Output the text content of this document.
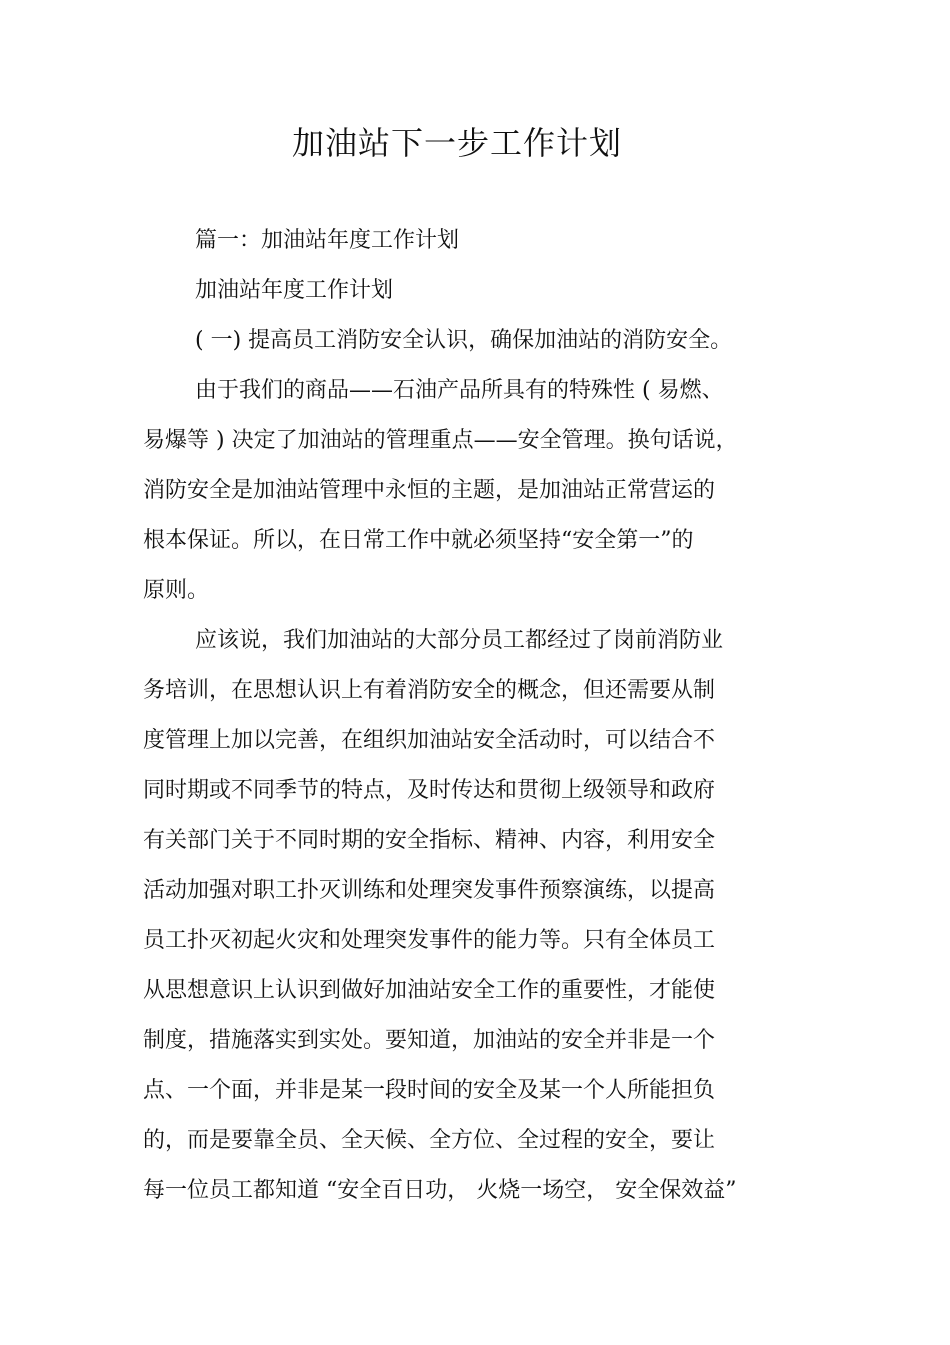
加油站下一步工作计划
篇一：加油站年度工作计划
加油站年度工作计划
( 一) 提高员工消防安全认识，确保加油站的消防安全。
由于我们的商品——石油产品所具有的特殊性 ( 易燃、
易爆等 ) 决定了加油站的管理重点——安全管理。换句话说，
消防安全是加油站管理中永恒的主题，是加油站正常营运的
根本保证。所以，在日常工作中就必须坚持“安全第一”的
原则。
应该说，我们加油站的大部分员工都经过了岗前消防业
务培训，在思想认识上有着消防安全的概念，但还需要从制
度管理上加以完善，在组织加油站安全活动时，可以结合不
同时期或不同季节的特点，及时传达和贯彻上级领导和政府
有关部门关于不同时期的安全指标、精神、内容，利用安全
活动加强对职工扑灭训练和处理突发事件预察演练，以提高
员工扑灭初起火灾和处理突发事件的能力等。只有全体员工
从思想意识上认识到做好加油站安全工作的重要性，才能使
制度，措施落实到实处。要知道，加油站的安全并非是一个
点、一个面，并非是某一段时间的安全及某一个人所能担负
的，而是要靠全员、全天候、全方位、全过程的安全，要让
每一位员工都知道 “安全百日功， 火烧一场空， 安全保效益”
